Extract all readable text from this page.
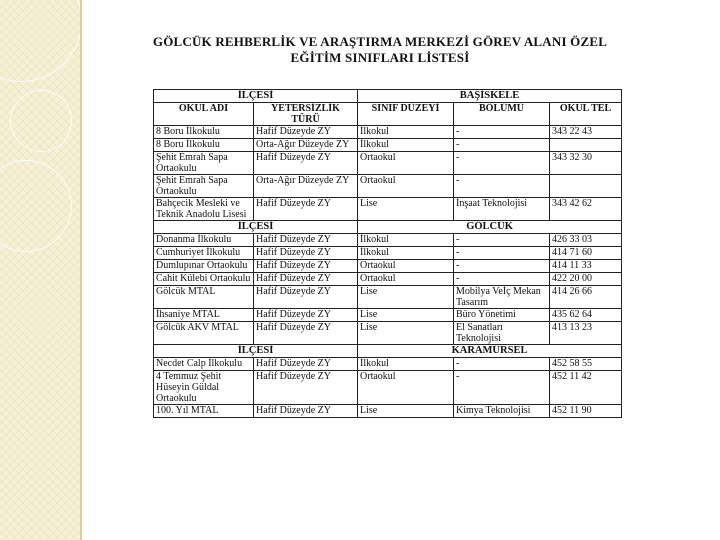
GÖLCÜK REHBERLİK VE ARAŞTIRMA MERKEZİ GÖREV ALANI ÖZEL
EĞİTİM SINIFLARI LİSTESİ
İLÇESİ		BAŞİSKELE		
OKUL ADI	YETERSİZLİK TÜRÜ	SINIF DÜZEYİ	BÖLÜMÜ	OKUL TEL
8 Boru İlkokulu	Hafif Düzeyde ZY	İlkokul	-	343 22 43
8 Boru İlkokulu	Orta-Ağır Düzeyde ZY	İlkokul	-	
Şehit Emrah Sapa Ortaokulu	Hafif Düzeyde ZY	Ortaokul	-	343 32 30
Şehit Emrah Sapa Ortaokulu	Orta-Ağır Düzeyde ZY	Ortaokul	-	
Bahçecik Mesleki ve Teknik Anadolu Lisesi	Hafif Düzeyde ZY	Lise	İnşaat Teknolojisi	343 42 62
İLÇESİ		GÖLCÜK		
Donanma İlkokulu	Hafif Düzeyde ZY	İlkokul	-	426 33 03
Cumhuriyet İlkokulu	Hafif Düzeyde ZY	İlkokul	-	414 71 60
Dumlupınar Ortaokulu	Hafif Düzeyde ZY	Ortaokul	-	414 11 33
Cahit Külebi Ortaokulu	Hafif Düzeyde ZY	Ortaokul	-	422 20 00
Gölcük MTAL	Hafif Düzeyde ZY	Lise	Mobilya Veİç Mekan Tasarım	414 26 66
İhsaniye MTAL	Hafif Düzeyde ZY	Lise	Büro Yönetimi	435 62 64
Gölcük AKV MTAL	Hafif Düzeyde ZY	Lise	El Sanatları Teknolojisi	413 13 23
İLÇESİ		KARAMÜRSEL		
Necdet Calp İlkokulu	Hafif Düzeyde ZY	İlkokul	-	452 58 55
4 Temmuz Şehit Hüseyin Güldal Ortaokulu	Hafif Düzeyde ZY	Ortaokul	-	452 11 42
100. Yıl MTAL	Hafif Düzeyde ZY	Lise	Kimya Teknolojisi	452 11 90
